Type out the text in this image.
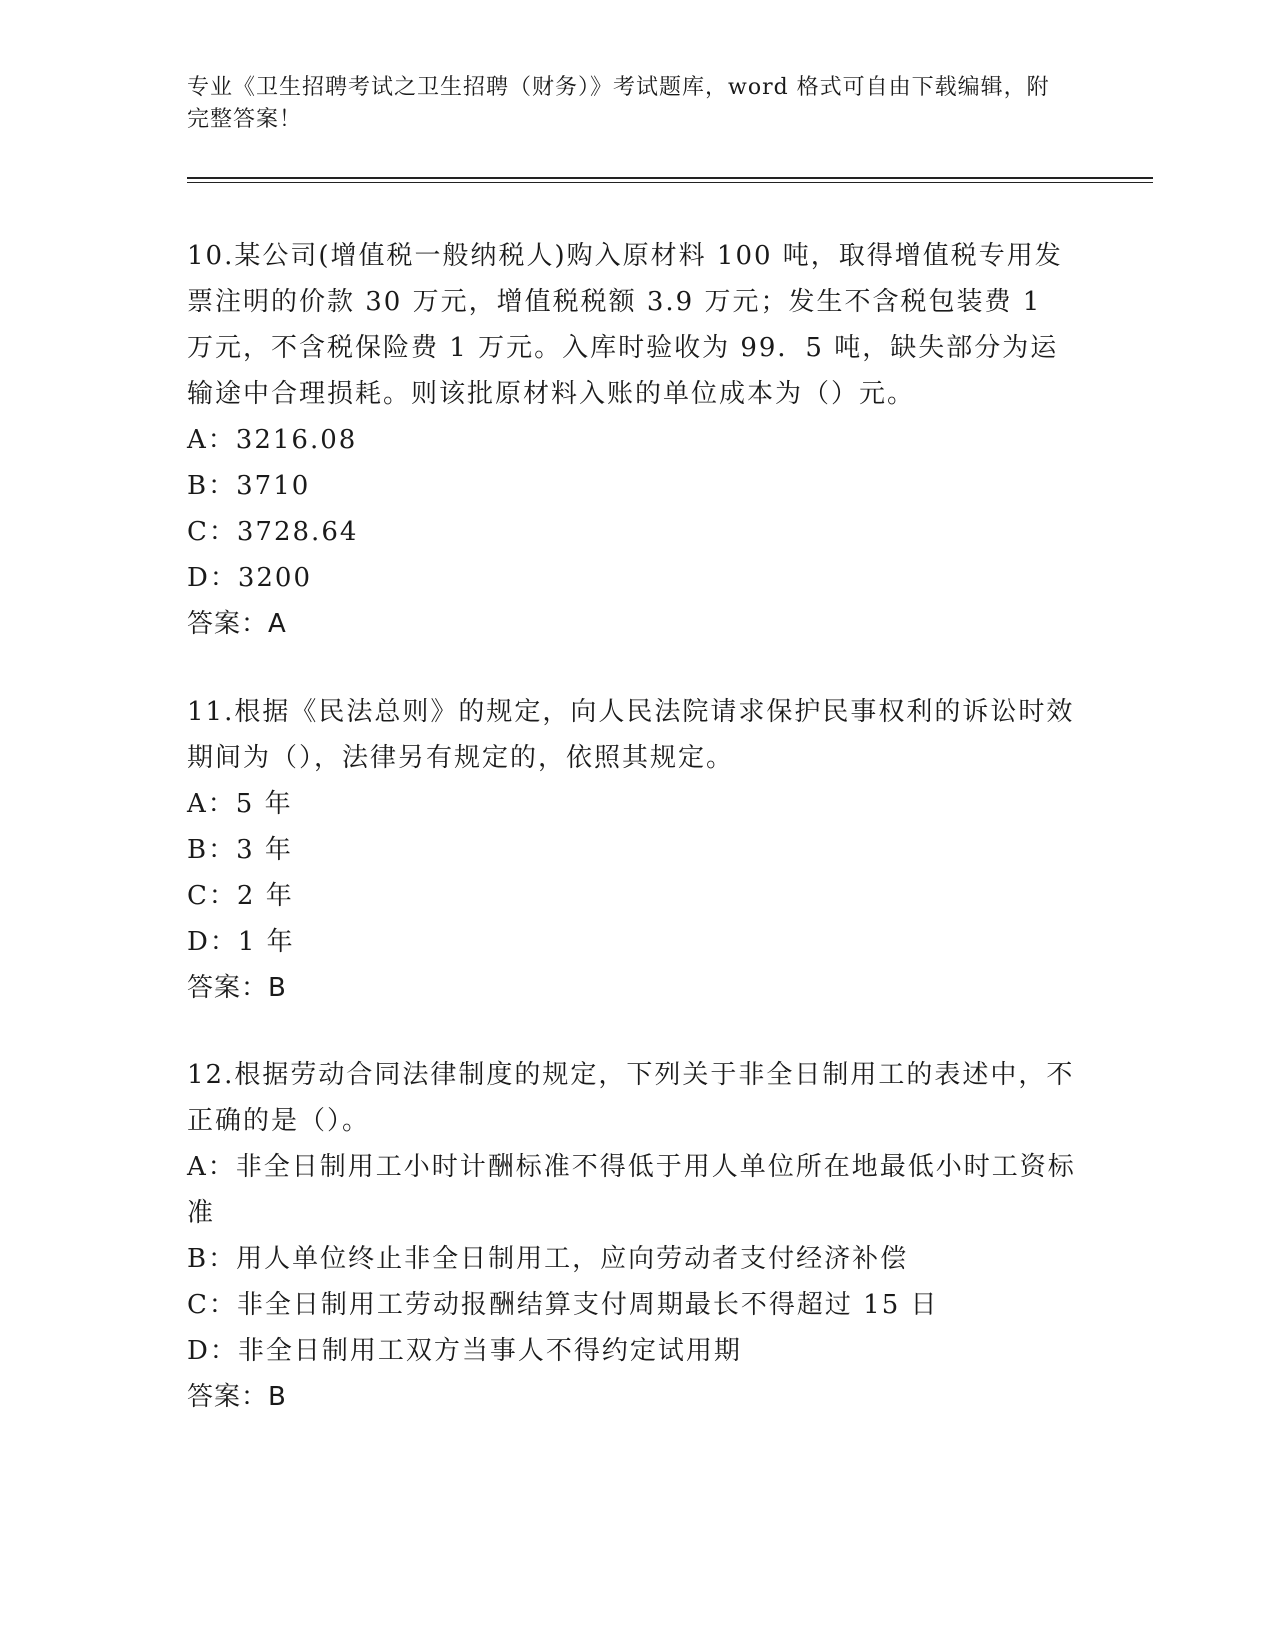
专业《卫生招聘考试之卫生招聘（财务）》考试题库，word 格式可自由下载编辑，附完整答案！
10.某公司(增值税一般纳税人)购入原材料 100 吨，取得增值税专用发票注明的价款 30 万元，增值税税额 3.9 万元；发生不含税包装费 1 万元，不含税保险费 1 万元。入库时验收为 99．5 吨，缺失部分为运输途中合理损耗。则该批原材料入账的单位成本为（）元。
A：3216.08
B：3710
C：3728.64
D：3200
答案：A
11.根据《民法总则》的规定，向人民法院请求保护民事权利的诉讼时效期间为（），法律另有规定的，依照其规定。
A：5 年
B：3 年
C：2 年
D：1 年
答案：B
12.根据劳动合同法律制度的规定，下列关于非全日制用工的表述中，不正确的是（）。
A：非全日制用工小时计酬标准不得低于用人单位所在地最低小时工资标准
B：用人单位终止非全日制用工，应向劳动者支付经济补偿
C：非全日制用工劳动报酬结算支付周期最长不得超过 15 日
D：非全日制用工双方当事人不得约定试用期
答案：B
